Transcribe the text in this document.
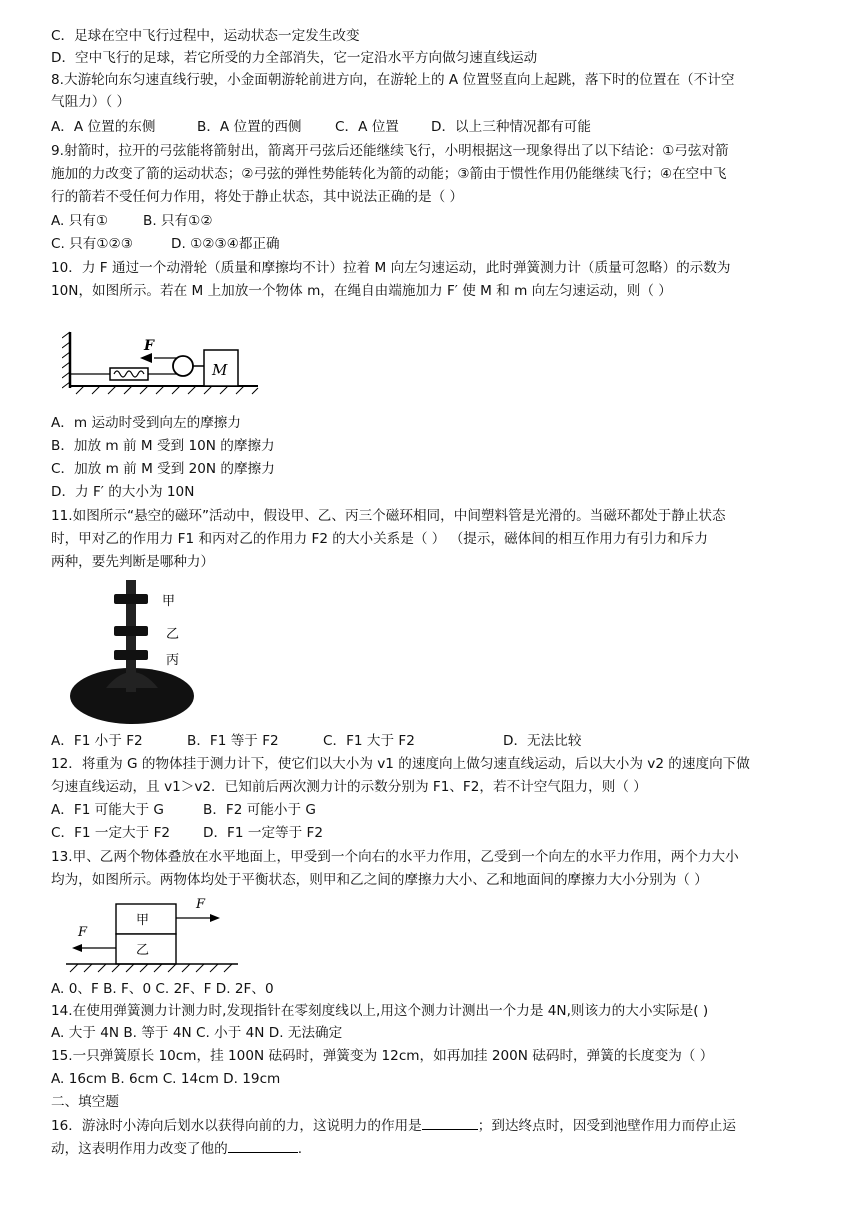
C．足球在空中飞行过程中，运动状态一定发生改变
D．空中飞行的足球，若它所受的力全部消失，它一定沿水平方向做匀速直线运动
8.大游轮向东匀速直线行驶，小金面朝游轮前进方向，在游轮上的 A 位置竖直向上起跳，落下时的位置在（不计空
气阻力）（ ）
A．A 位置的东侧	B．A 位置的西侧 C．A 位置 D．以上三种情况都有可能
9.射箭时，拉开的弓弦能将箭射出，箭离开弓弦后还能继续飞行，小明根据这一现象得出了以下结论：①弓弦对箭
施加的力改变了箭的运动状态；②弓弦的弹性势能转化为箭的动能；③箭由于惯性作用仍能继续飞行；④在空中飞
行的箭若不受任何力作用，将处于静止状态，其中说法正确的是（ ）
A. 只有①	B. 只有①②
C. 只有①②③	D. ①②③④都正确
10．力 F 通过一个动滑轮（质量和摩擦均不计）拉着 M 向左匀速运动，此时弹簧测力计（质量可忽略）的示数为
10N，如图所示。若在 M 上加放一个物体 m，在绳自由端施加力 F′ 使 M 和 m 向左匀速运动，则（ ）
F
M
A．m 运动时受到向左的摩擦力
B．加放 m 前 M 受到 10N 的摩擦力
C．加放 m 前 M 受到 20N 的摩擦力
D．力 F′ 的大小为 10N
11.如图所示“悬空的磁环”活动中，假设甲、乙、丙三个磁环相同，中间塑料管是光滑的。当磁环都处于静止状态
时，甲对乙的作用力 F1 和丙对乙的作用力 F2 的大小关系是（ ） （提示，磁体间的相互作用力有引力和斥力
两种，要先判断是哪种力）
甲
乙
丙
A．F1 小于 F2	B．F1 等于 F2	C．F1 大于 F2	D．无法比较
12．将重为 G 的物体挂于测力计下，使它们以大小为 v1 的速度向上做匀速直线运动，后以大小为 v2 的速度向下做
匀速直线运动，且 v1＞v2．已知前后两次测力计的示数分别为 F1、F2，若不计空气阻力，则（ ）
A．F1 可能大于 G	B．F2 可能小于 G
C．F1 一定大于 F2 D．F1 一定等于 F2
13.甲、乙两个物体叠放在水平地面上，甲受到一个向右的水平力作用，乙受到一个向左的水平力作用，两个力大小
均为，如图所示。两物体均处于平衡状态，则甲和乙之间的摩擦力大小、乙和地面间的摩擦力大小分别为（ ）
甲
乙
F
F
A. 0、F B. F、0 C. 2F、F D. 2F、0
14.在使用弹簧测力计测力时,发现指针在零刻度线以上,用这个测力计测出一个力是 4N,则该力的大小实际是( )
A. 大于 4N B. 等于 4N C. 小于 4N D. 无法确定
15.一只弹簧原长 10cm，挂 100N 砝码时，弹簧变为 12cm，如再加挂 200N 砝码时，弹簧的长度变为（ ）
A. 16cm B. 6cm C. 14cm D. 19cm
二、填空题
16．游泳时小涛向后划水以获得向前的力，这说明力的作用是	；到达终点时，因受到池壁作用力而停止运
动，这表明作用力改变了他的	.
